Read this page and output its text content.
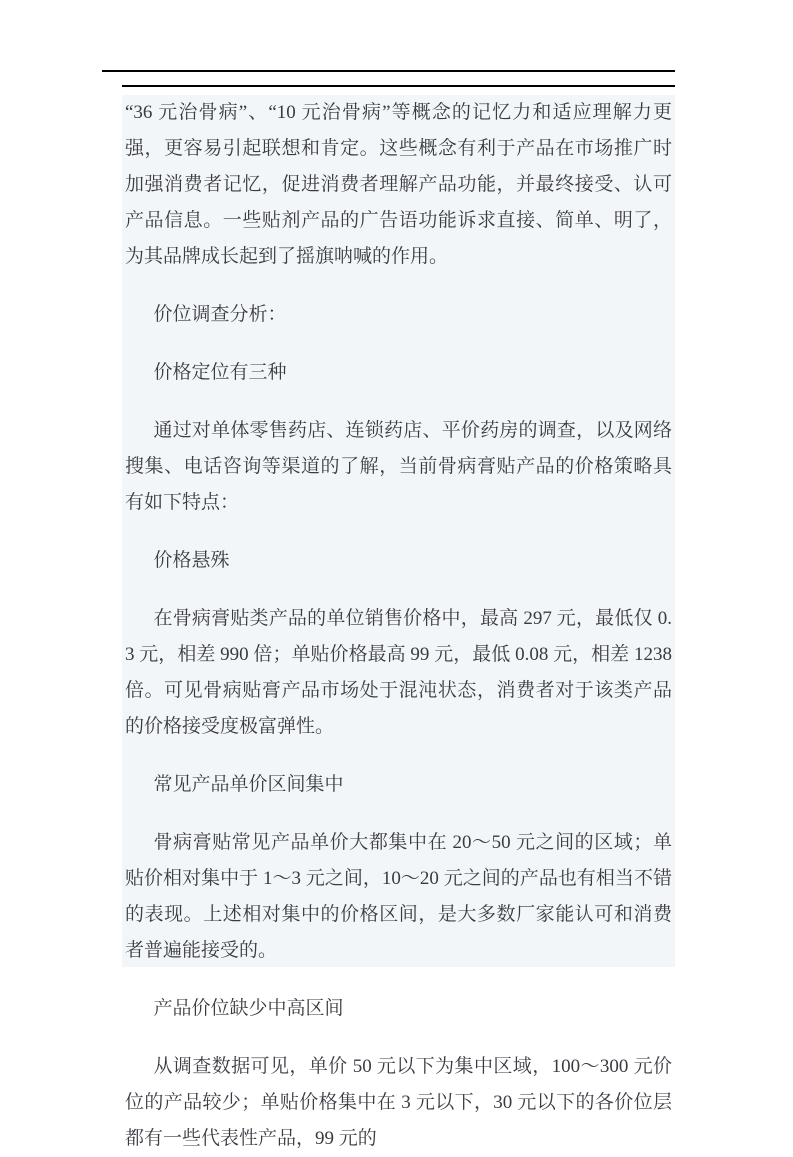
“36 元治骨病”、“10 元治骨病”等概念的记忆力和适应理解力更强，更容易引起联想和肯定。这些概念有利于产品在市场推广时加强消费者记忆，促进消费者理解产品功能，并最终接受、认可产品信息。一些贴剂产品的广告语功能诉求直接、简单、明了，为其品牌成长起到了摇旗呐喊的作用。

价位调查分析：

价格定位有三种

通过对单体零售药店、连锁药店、平价药房的调查，以及网络搜集、电话咨询等渠道的了解，当前骨病膏贴产品的价格策略具有如下特点：

价格悬殊

在骨病膏贴类产品的单位销售价格中，最高 297 元，最低仅 0.3 元，相差 990 倍；单贴价格最高 99 元，最低 0.08 元，相差 1238 倍。可见骨病贴膏产品市场处于混沌状态，消费者对于该类产品的价格接受度极富弹性。

常见产品单价区间集中

骨病膏贴常见产品单价大都集中在 20～50 元之间的区域；单贴价相对集中于 1～3 元之间，10～20 元之间的产品也有相当不错的表现。上述相对集中的价格区间，是大多数厂家能认可和消费者普遍能接受的。

产品价位缺少中高区间

从调查数据可见，单价 50 元以下为集中区域，100～300 元价位的产品较少；单贴价格集中在 3 元以下，30 元以下的各价位层都有一些代表性产品，99 元的
